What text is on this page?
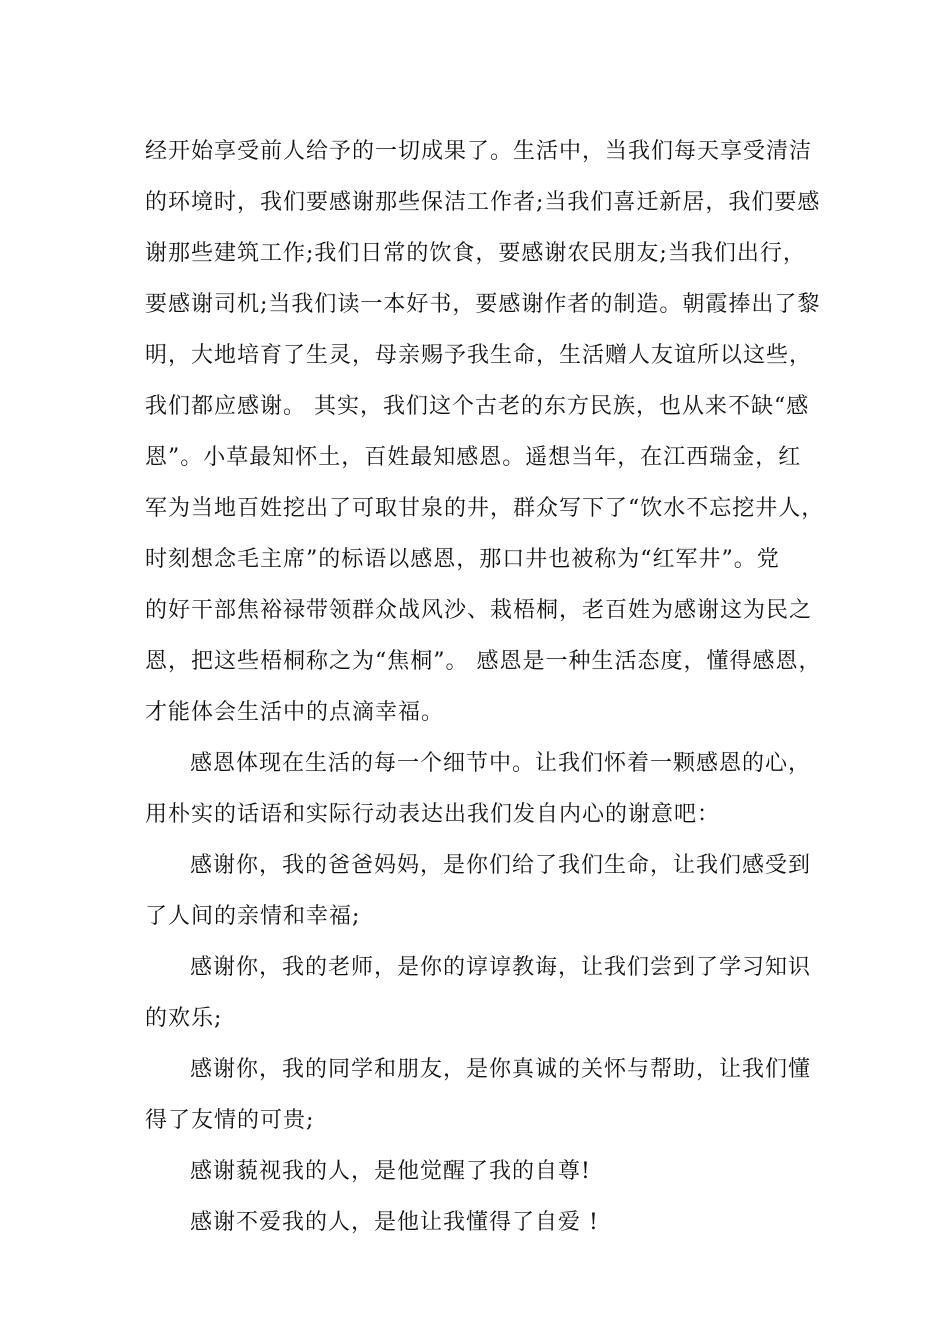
经开始享受前人给予的一切成果了。生活中，当我们每天享受清洁
的环境时，我们要感谢那些保洁工作者;当我们喜迁新居，我们要感
谢那些建筑工作;我们日常的饮食，要感谢农民朋友;当我们出行，
要感谢司机;当我们读一本好书，要感谢作者的制造。朝霞捧出了黎
明，大地培育了生灵，母亲赐予我生命，生活赠人友谊所以这些，
我们都应感谢。 其实，我们这个古老的东方民族，也从来不缺“感
恩”。小草最知怀土，百姓最知感恩。遥想当年，在江西瑞金，红
军为当地百姓挖出了可取甘泉的井，群众写下了“饮水不忘挖井人，
时刻想念毛主席”的标语以感恩，那口井也被称为“红军井”。党
的好干部焦裕禄带领群众战风沙、栽梧桐，老百姓为感谢这为民之
恩，把这些梧桐称之为“焦桐”。 感恩是一种生活态度，懂得感恩，
才能体会生活中的点滴幸福。
感恩体现在生活的每一个细节中。让我们怀着一颗感恩的心，
用朴实的话语和实际行动表达出我们发自内心的谢意吧：
感谢你，我的爸爸妈妈，是你们给了我们生命，让我们感受到
了人间的亲情和幸福;
感谢你，我的老师，是你的谆谆教诲，让我们尝到了学习知识
的欢乐;
感谢你，我的同学和朋友，是你真诚的关怀与帮助，让我们懂
得了友情的可贵;
感谢藐视我的人，是他觉醒了我的自尊!
感谢不爱我的人，是他让我懂得了自爱 !
